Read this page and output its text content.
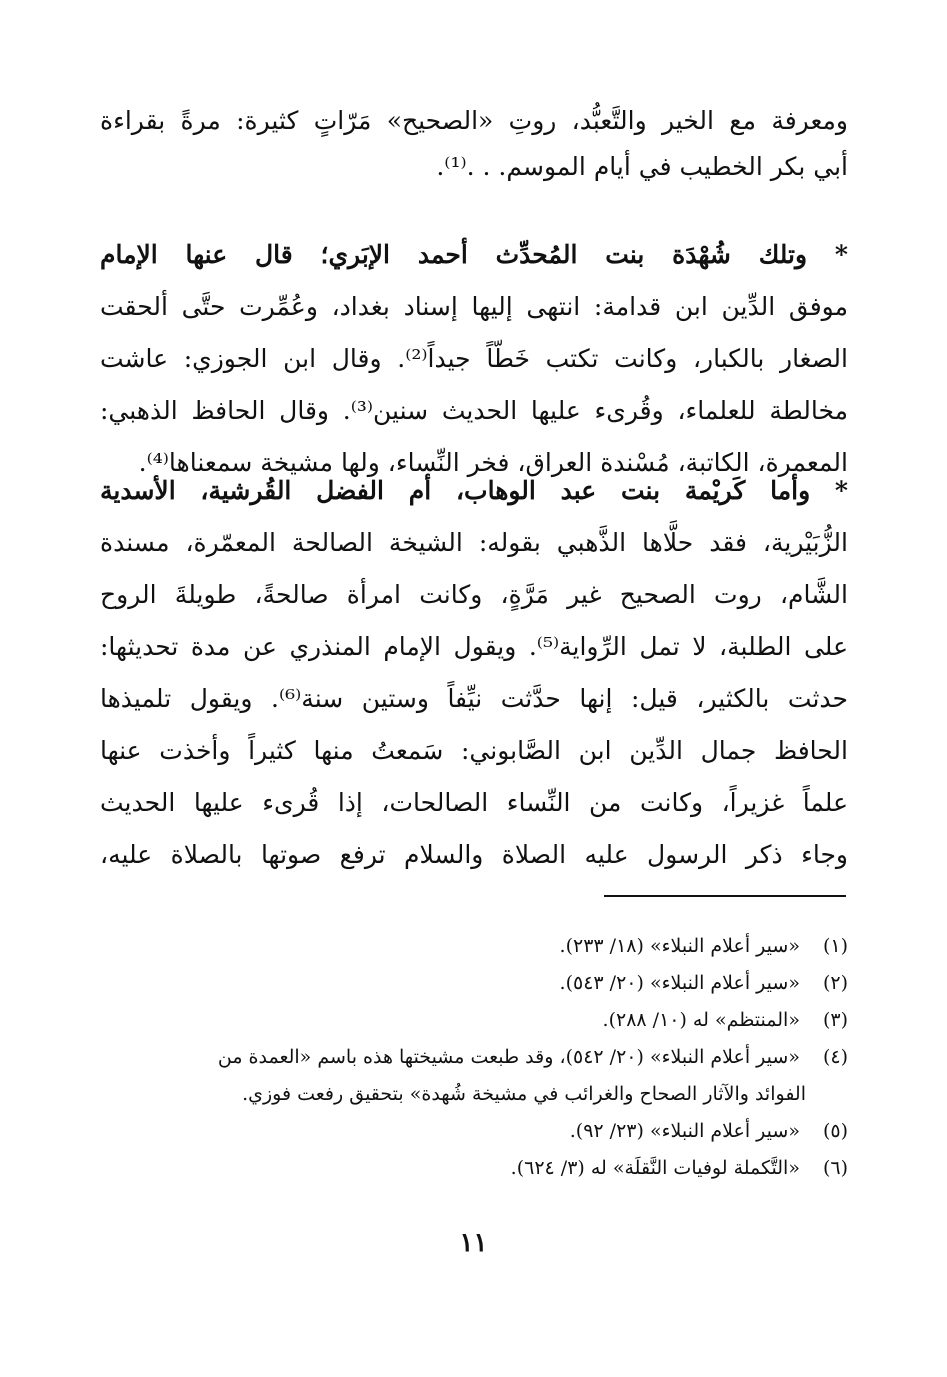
ومعرفة مع الخير والتَّعبُّد، روتِ «الصحيح» مَرّاتٍ كثيرة: مرةً بقراءة
أبي بكر الخطيب في أيام الموسم. . .⁽¹⁾.
* وتلك شُهْدَة بنت المُحدِّث أحمد الإبَري؛ قال عنها الإمام
موفق الدِّين ابن قدامة: انتهى إليها إسناد بغداد، وعُمِّرت حتَّى ألحقت
الصغار بالكبار، وكانت تكتب خَطّاً جيداً⁽²⁾. وقال ابن الجوزي: عاشت
مخالطة للعلماء، وقُرىء عليها الحديث سنين⁽³⁾. وقال الحافظ الذهبي:
المعمرة، الكاتبة، مُسْندة العراق، فخر النِّساء، ولها مشيخة سمعناها⁽⁴⁾.
* وأما كَريْمة بنت عبد الوهاب، أم الفضل القُرشية، الأسدية
الزُّبَيْرية، فقد حلَّاها الذَّهبي بقوله: الشيخة الصالحة المعمّرة، مسندة
الشَّام، روت الصحيح غير مَرَّةٍ، وكانت امرأة صالحةً، طويلةَ الروح
على الطلبة، لا تمل الرِّواية⁽⁵⁾. ويقول الإمام المنذري عن مدة تحديثها:
حدثت بالكثير، قيل: إنها حدَّثت نيِّفاً وستين سنة⁽⁶⁾. ويقول تلميذها
الحافظ جمال الدِّين ابن الصَّابوني: سَمعتُ منها كثيراً وأخذت عنها
علماً غزيراً، وكانت من النِّساء الصالحات، إذا قُرىء عليها الحديث
وجاء ذكر الرسول عليه الصلاة والسلام ترفع صوتها بالصلاة عليه،
(١) «سير أعلام النبلاء» (١٨/ ٢٣٣).
(٢) «سير أعلام النبلاء» (٢٠/ ٥٤٣).
(٣) «المنتظم» له (١٠/ ٢٨٨).
(٤) «سير أعلام النبلاء» (٢٠/ ٥٤٢)، وقد طبعت مشيختها هذه باسم «العمدة من
الفوائد والآثار الصحاح والغرائب في مشيخة شُهدة» بتحقيق رفعت فوزي.
(٥) «سير أعلام النبلاء» (٢٣/ ٩٢).
(٦) «التَّكملة لوفيات النَّقلَة» له (٣/ ٦٢٤).
١١
